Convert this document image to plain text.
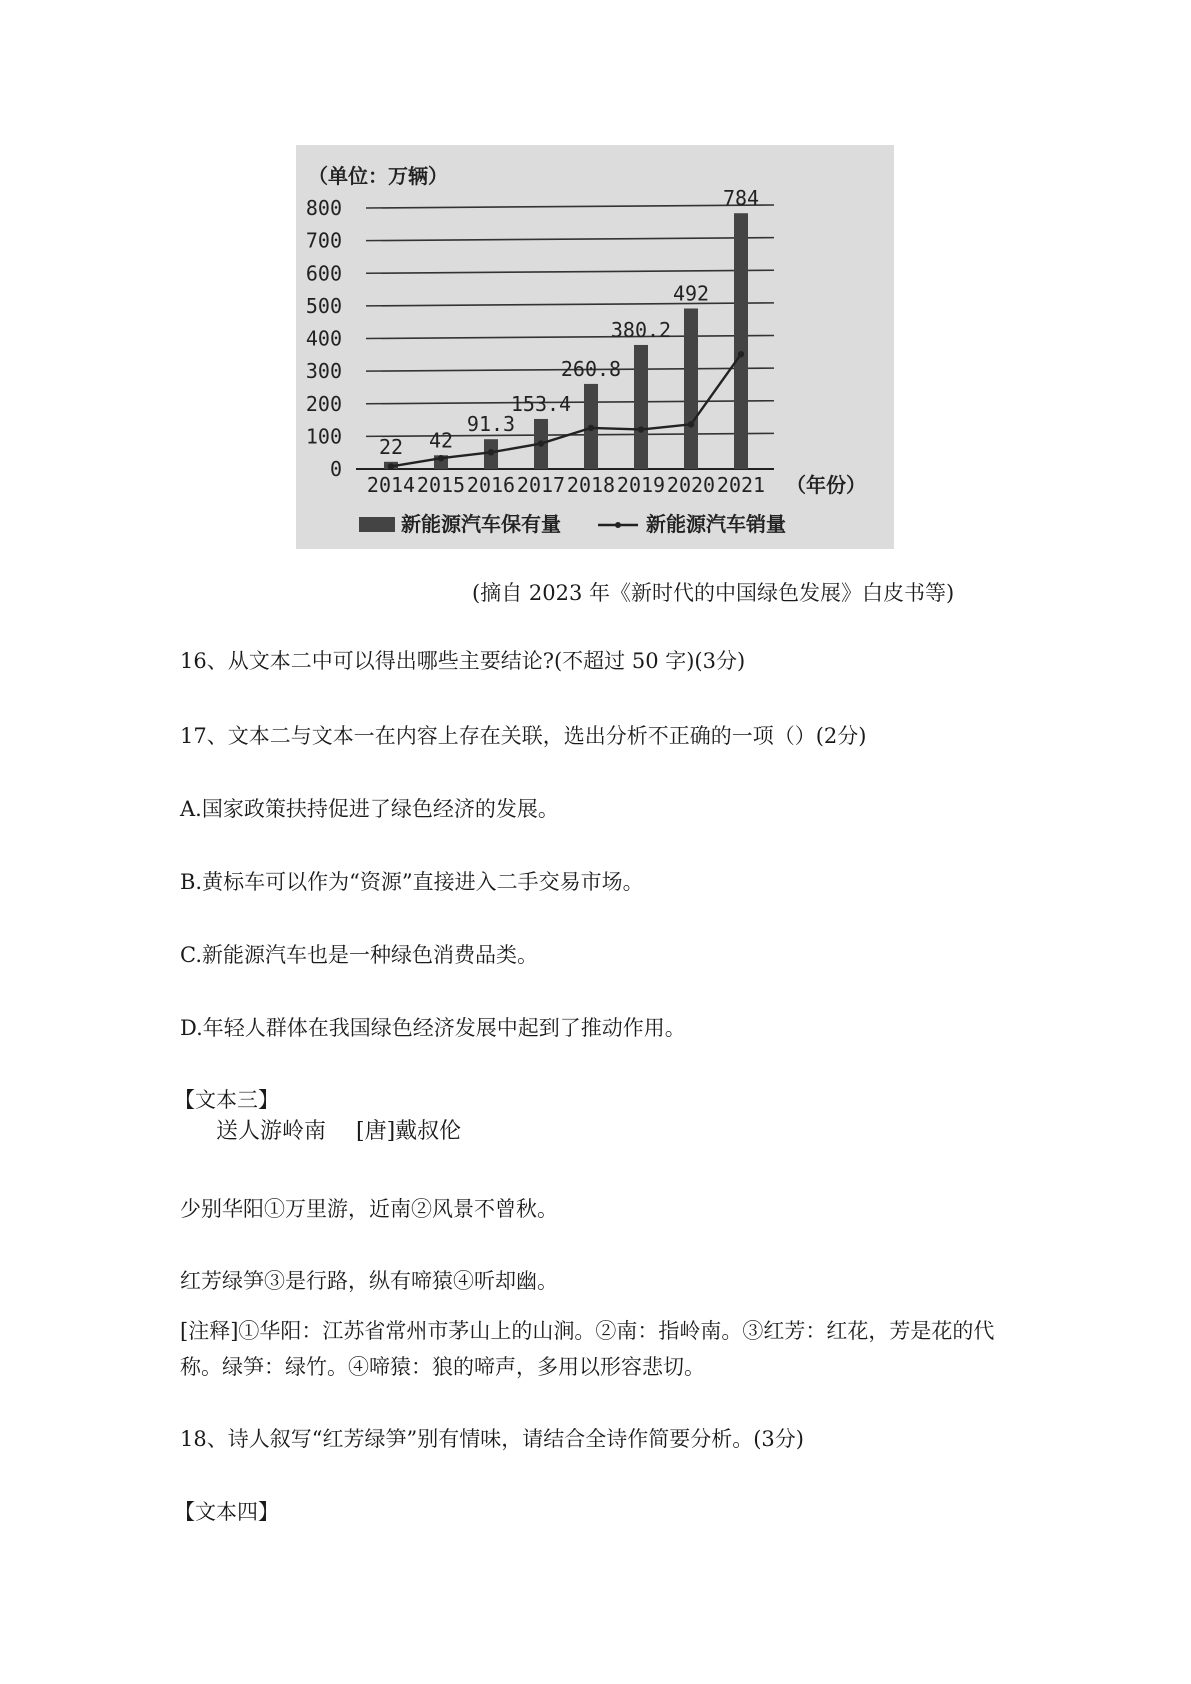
0
100
200
300
400
500
600
700
800
22 42
91.3
153.4
260.8
380.2
492
784
2014 2015 2016 2017 2018 2019 2020 2021
（单位：万辆）
（年份）
新能源汽车保有量	新能源汽车销量
(摘自 2023 年《新时代的中国绿色发展》白皮书等)
16、从文本二中可以得出哪些主要结论?(不超过 50 字)(3分)
17、文本二与文本一在内容上存在关联，选出分析不正确的一项（）(2分)
A.国家政策扶持促进了绿色经济的发展。
B.黄标车可以作为“资源”直接进入二手交易市场。
C.新能源汽车也是一种绿色消费品类。
D.年轻人群体在我国绿色经济发展中起到了推动作用。
【文本三】
送人游岭南 [唐]戴叔伦
少别华阳①万里游，近南②风景不曾秋。
红芳绿笋③是行路，纵有啼猿④听却幽。
[注释]①华阳：江苏省常州市茅山上的山涧。②南：指岭南。③红芳：红花，芳是花的代称。绿笋：绿竹。④啼猿：狼的啼声，多用以形容悲切。
18、诗人叙写“红芳绿笋”别有情味，请结合全诗作简要分析。(3分)
【文本四】
